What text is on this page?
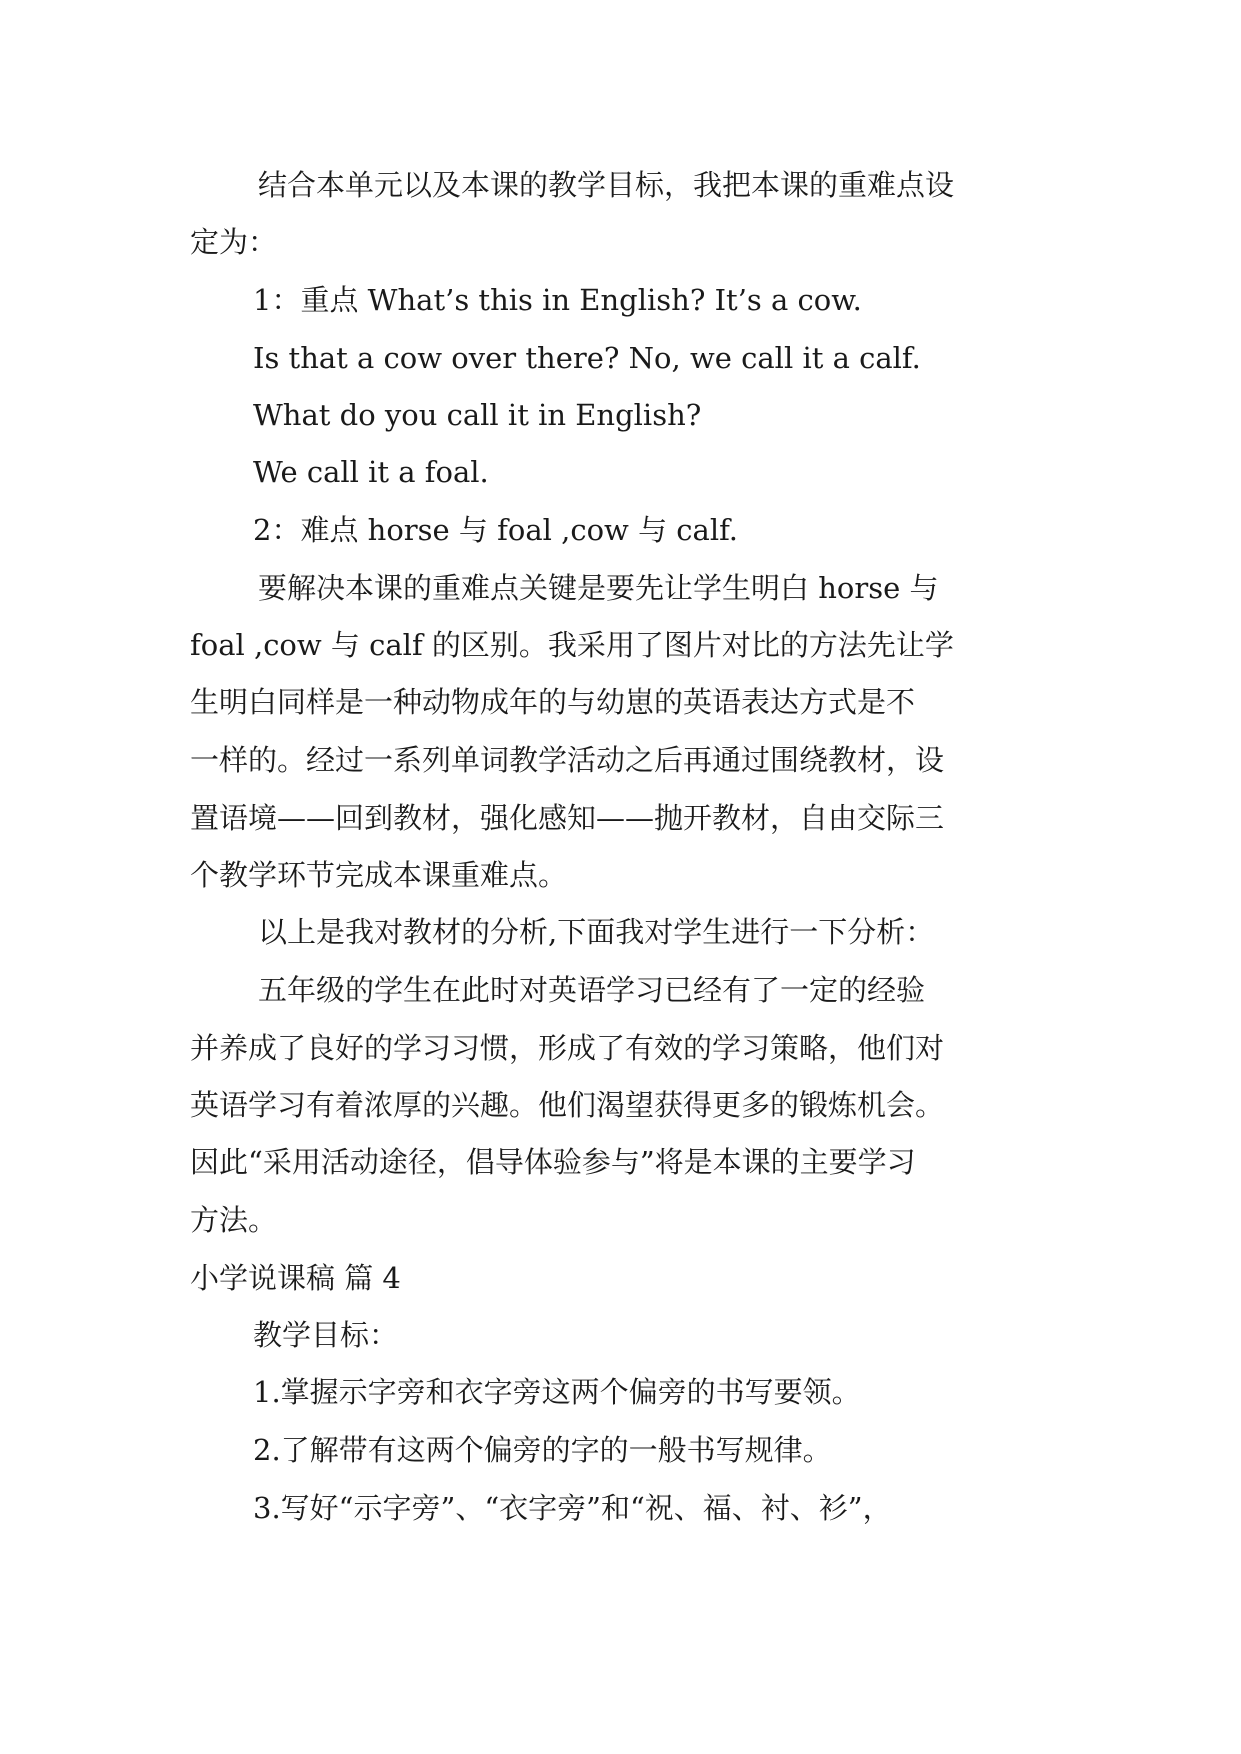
结合本单元以及本课的教学目标，我把本课的重难点设

定为：

1：重点 What’s this in English? It’s a cow.

Is that a cow over there? No, we call it a calf.

What do you call it in English?

We call it a foal.

2：难点 horse 与 foal ,cow 与 calf.

要解决本课的重难点关键是要先让学生明白 horse 与

foal ,cow 与 calf 的区别。我采用了图片对比的方法先让学

生明白同样是一种动物成年的与幼崽的英语表达方式是不

一样的。经过一系列单词教学活动之后再通过围绕教材，设

置语境——回到教材，强化感知——抛开教材，自由交际三

个教学环节完成本课重难点。

以上是我对教材的分析,下面我对学生进行一下分析：

五年级的学生在此时对英语学习已经有了一定的经验

并养成了良好的学习习惯，形成了有效的学习策略，他们对

英语学习有着浓厚的兴趣。他们渴望获得更多的锻炼机会。

因此“采用活动途径，倡导体验参与”将是本课的主要学习

方法。

小学说课稿 篇 4

教学目标：

1.掌握示字旁和衣字旁这两个偏旁的书写要领。

2.了解带有这两个偏旁的字的一般书写规律。

3.写好“示字旁”、“衣字旁”和“祝、福、衬、衫”，
